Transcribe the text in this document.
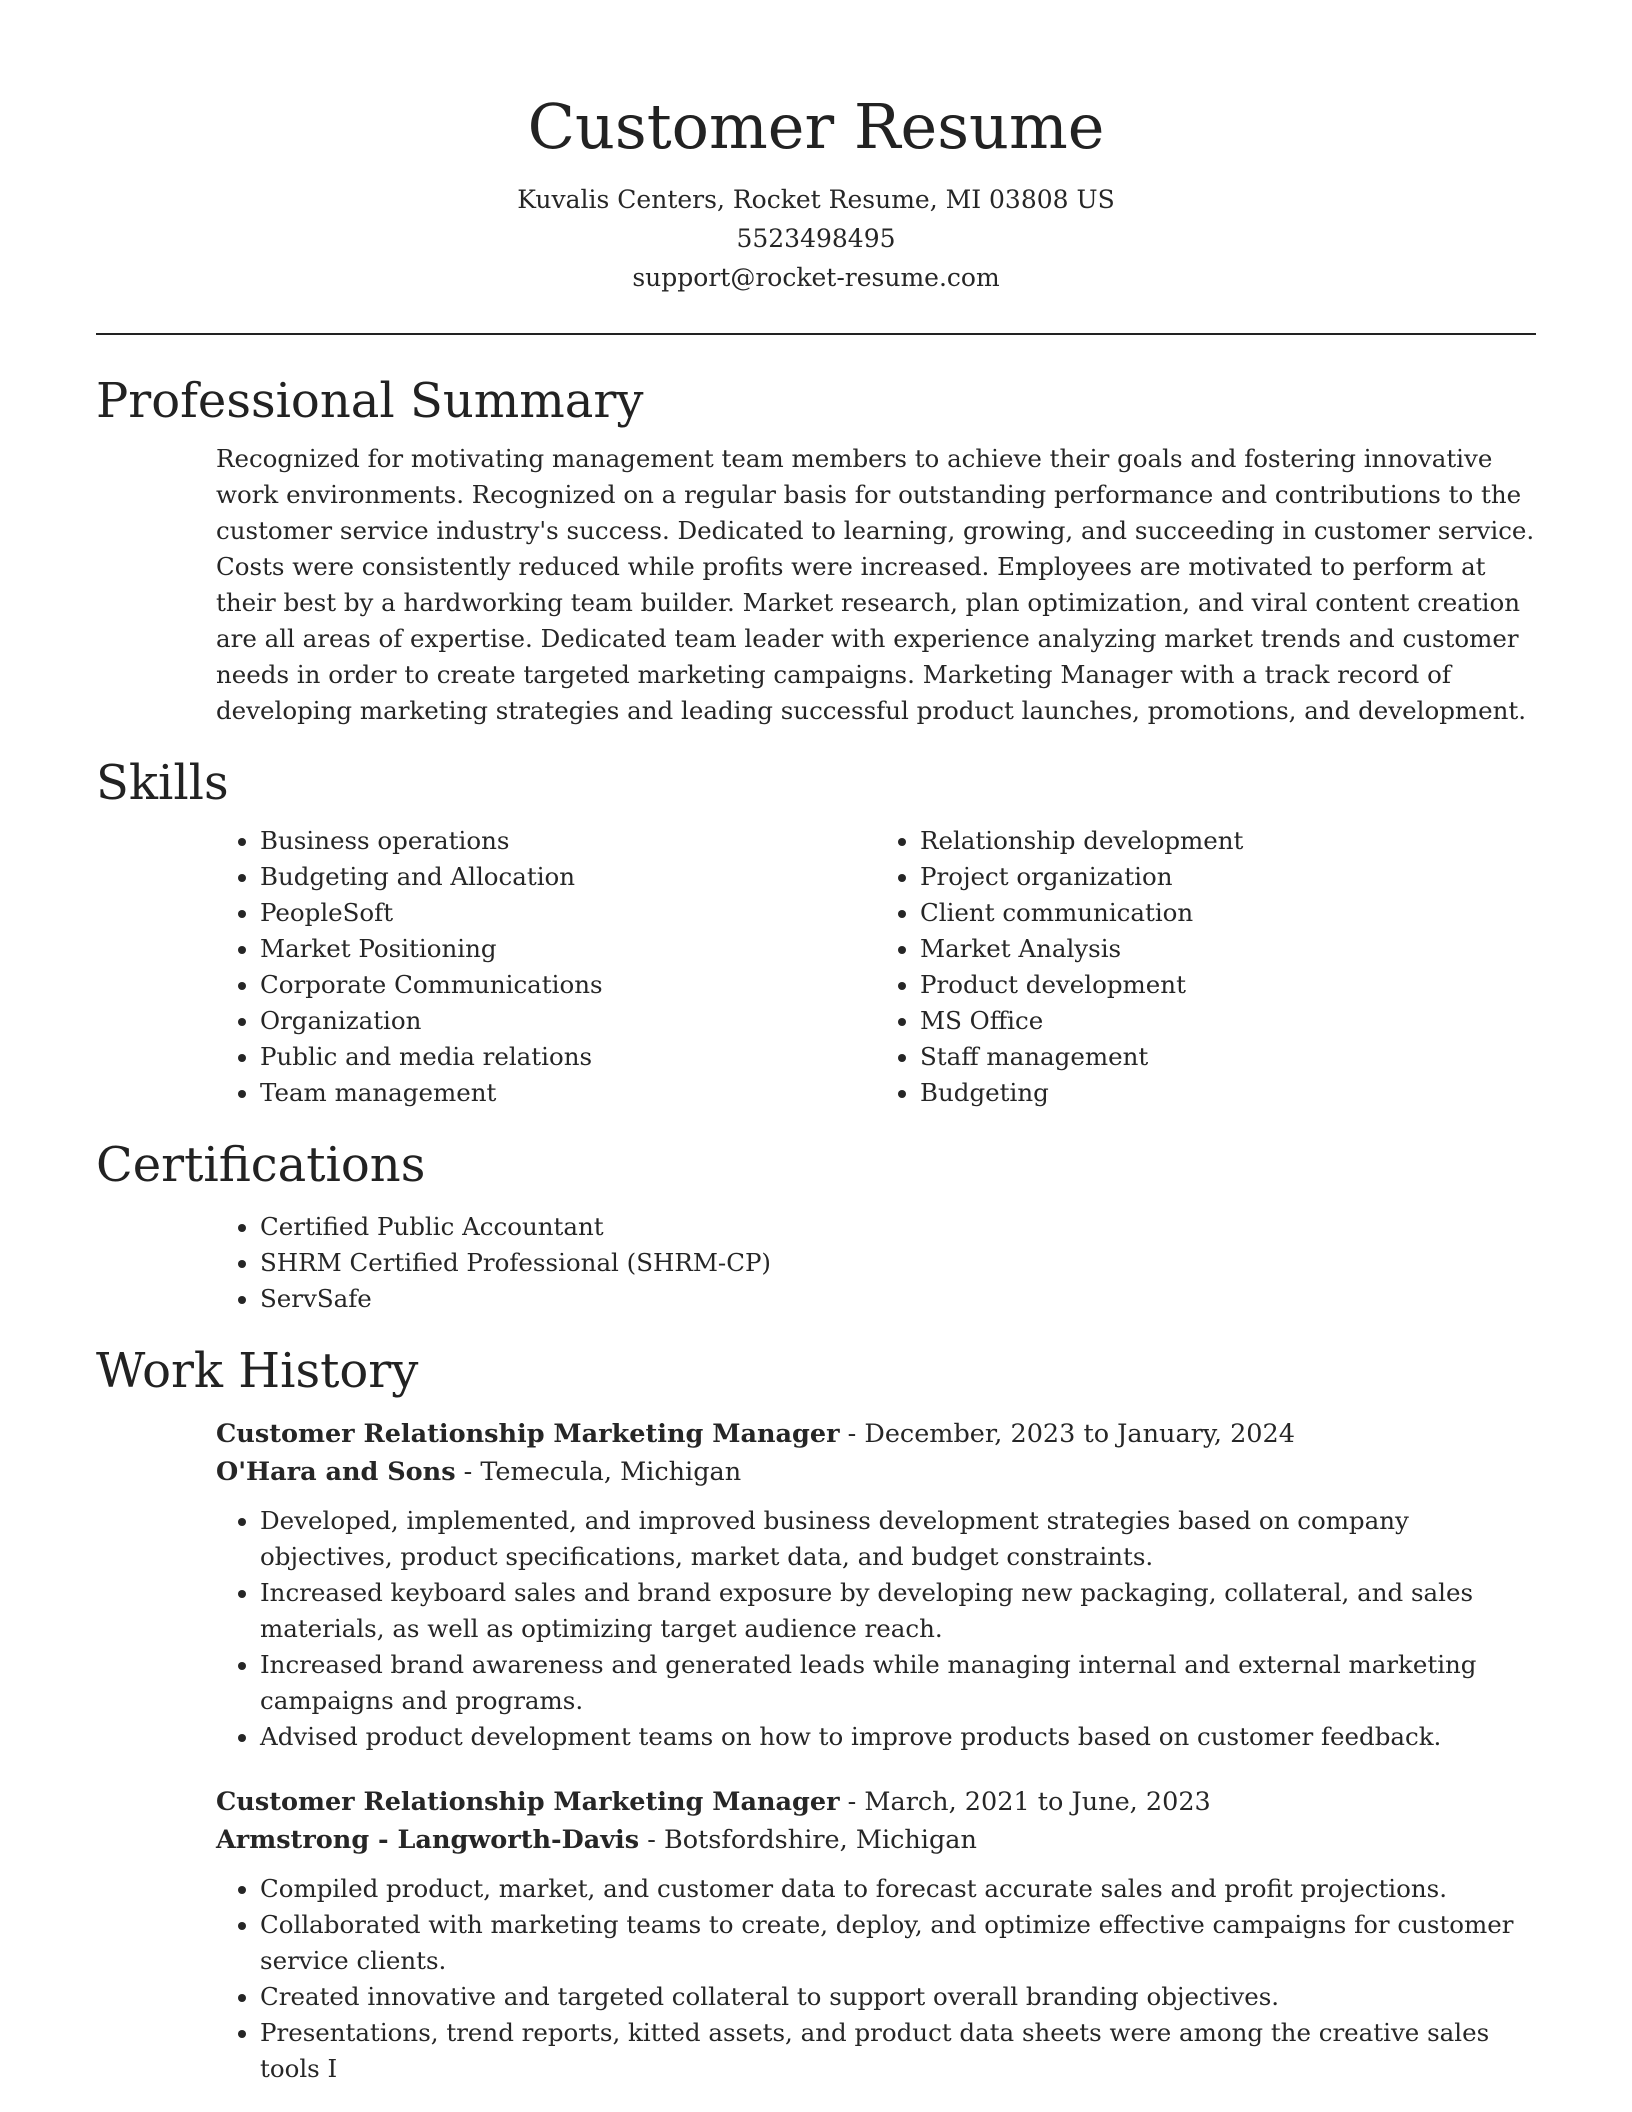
Customer Resume
Kuvalis Centers, Rocket Resume, MI 03808 US
5523498495
support@rocket-resume.com
Professional Summary
Recognized for motivating management team members to achieve their goals and fostering innovative work environments. Recognized on a regular basis for outstanding performance and contributions to the customer service industry's success. Dedicated to learning, growing, and succeeding in customer service. Costs were consistently reduced while profits were increased. Employees are motivated to perform at their best by a hardworking team builder. Market research, plan optimization, and viral content creation are all areas of expertise. Dedicated team leader with experience analyzing market trends and customer needs in order to create targeted marketing campaigns. Marketing Manager with a track record of developing marketing strategies and leading successful product launches, promotions, and development.
Skills
• Business operations
• Budgeting and Allocation
• PeopleSoft
• Market Positioning
• Corporate Communications
• Organization
• Public and media relations
• Team management
• Relationship development
• Project organization
• Client communication
• Market Analysis
• Product development
• MS Office
• Staff management
• Budgeting
Certifications
• Certified Public Accountant
• SHRM Certified Professional (SHRM-CP)
• ServSafe
Work History
Customer Relationship Marketing Manager - December, 2023 to January, 2024
O'Hara and Sons - Temecula, Michigan
• Developed, implemented, and improved business development strategies based on company objectives, product specifications, market data, and budget constraints.
• Increased keyboard sales and brand exposure by developing new packaging, collateral, and sales materials, as well as optimizing target audience reach.
• Increased brand awareness and generated leads while managing internal and external marketing campaigns and programs.
• Advised product development teams on how to improve products based on customer feedback.
Customer Relationship Marketing Manager - March, 2021 to June, 2023
Armstrong - Langworth-Davis - Botsfordshire, Michigan
• Compiled product, market, and customer data to forecast accurate sales and profit projections.
• Collaborated with marketing teams to create, deploy, and optimize effective campaigns for customer service clients.
• Created innovative and targeted collateral to support overall branding objectives.
• Presentations, trend reports, kitted assets, and product data sheets were among the creative sales tools I
